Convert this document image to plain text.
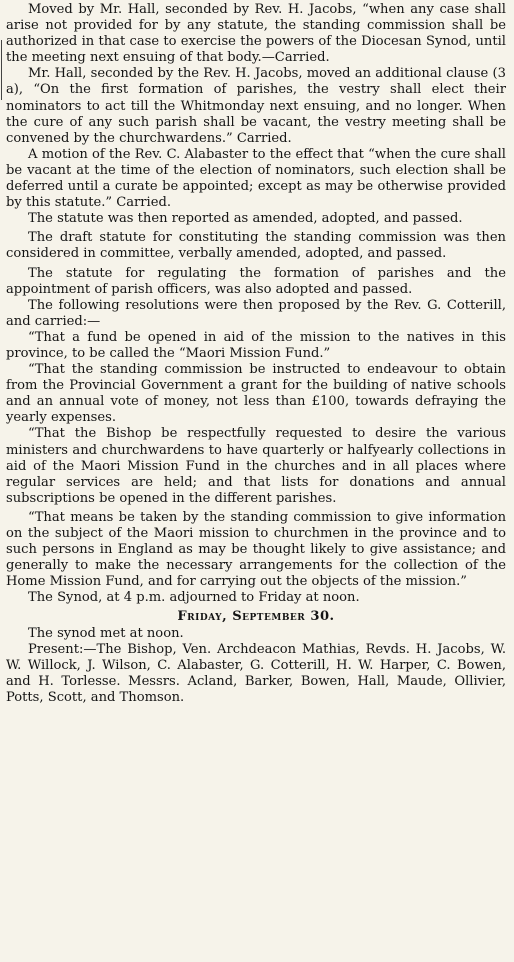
Moved by Mr. Hall, seconded by Rev. H. Jacobs, “when any case shall arise not provided for by any statute, the standing commission shall be authorized in that case to exercise the powers of the Diocesan Synod, until the meeting next ensuing of that body.—Carried.

Mr. Hall, seconded by the Rev. H. Jacobs, moved an additional clause (3 a), “On the first formation of parishes, the vestry shall elect their nominators to act till the Whitmonday next ensuing, and no longer. When the cure of any such parish shall be vacant, the vestry meeting shall be convened by the churchwardens.” Carried.

A motion of the Rev. C. Alabaster to the effect that “when the cure shall be vacant at the time of the election of nominators, such election shall be deferred until a curate be appointed; except as may be otherwise provided by this statute.” Carried.

The statute was then reported as amended, adopted, and passed.

The draft statute for constituting the standing commission was then considered in committee, verbally amended, adopted, and passed.

The statute for regulating the formation of parishes and the appointment of parish officers, was also adopted and passed.

The following resolutions were then proposed by the Rev. G. Cotterill, and carried:—

“That a fund be opened in aid of the mission to the natives in this province, to be called the “Maori Mission Fund.”

“That the standing commission be instructed to endeavour to obtain from the Provincial Government a grant for the building of native schools and an annual vote of money, not less than £100, towards defraying the yearly expenses.

“That the Bishop be respectfully requested to desire the various ministers and churchwardens to have quarterly or halfyearly collections in aid of the Maori Mission Fund in the churches and in all places where regular services are held; and that lists for donations and annual subscriptions be opened in the different parishes.

“That means be taken by the standing commission to give information on the subject of the Maori mission to churchmen in the province and to such persons in England as may be thought likely to give assistance; and generally to make the necessary arrangements for the collection of the Home Mission Fund, and for carrying out the objects of the mission.”

The Synod, at 4 p.m. adjourned to Friday at noon.

Friday, September 30.

The synod met at noon.

Present:—The Bishop, Ven. Archdeacon Mathias, Revds. H. Jacobs, W. W. Willock, J. Wilson, C. Alabaster, G. Cotterill, H. W. Harper, C. Bowen, and H. Torlesse. Messrs. Acland, Barker, Bowen, Hall, Maude, Ollivier, Potts, Scott, and Thomson.
